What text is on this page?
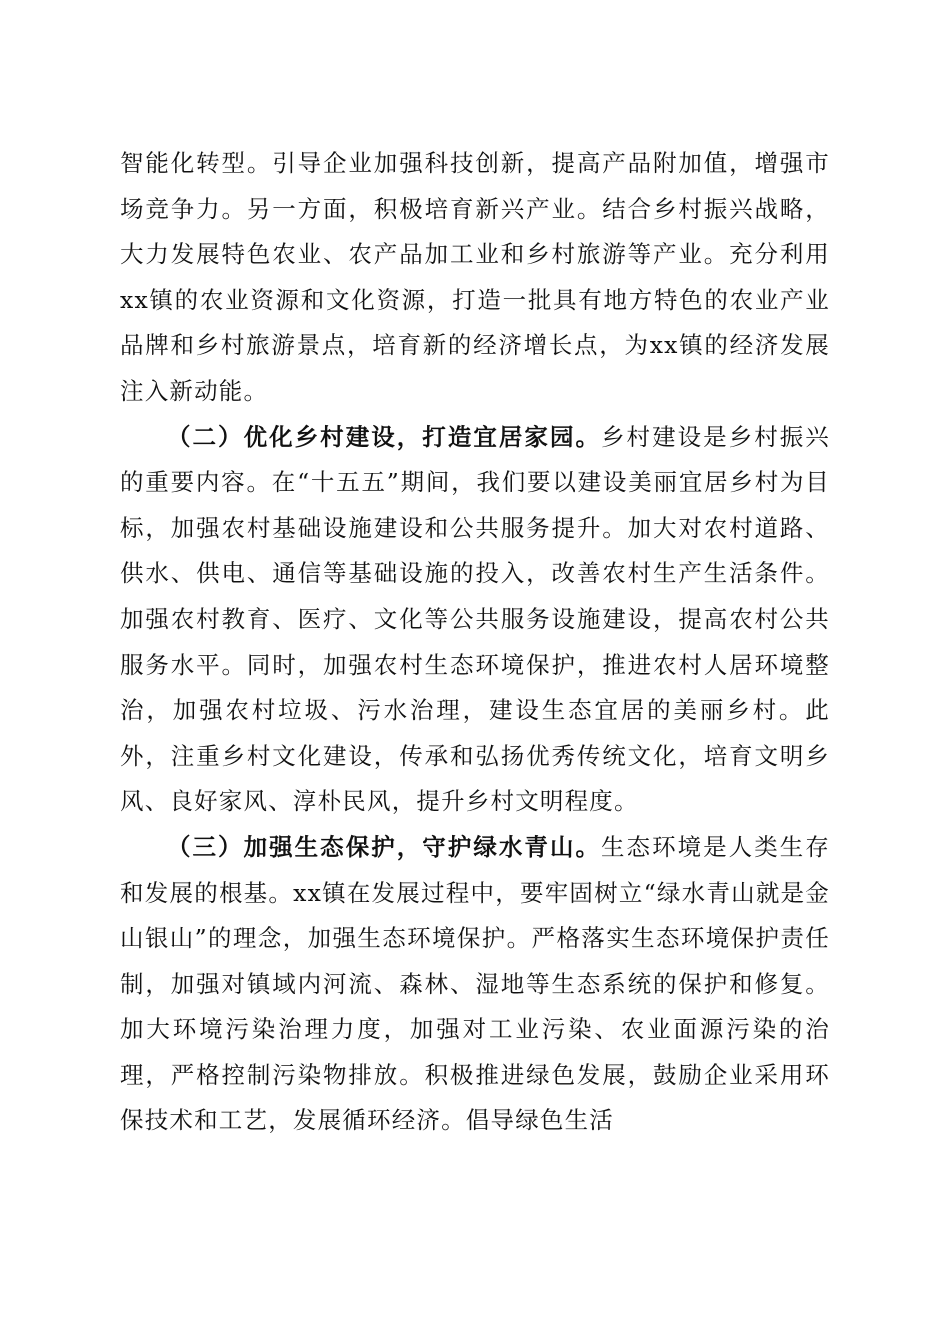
智能化转型。引导企业加强科技创新，提高产品附加值，增强市场竞争力。另一方面，积极培育新兴产业。结合乡村振兴战略，大力发展特色农业、农产品加工业和乡村旅游等产业。充分利用xx镇的农业资源和文化资源，打造一批具有地方特色的农业产业品牌和乡村旅游景点，培育新的经济增长点，为xx镇的经济发展注入新动能。

（二）优化乡村建设，打造宜居家园。乡村建设是乡村振兴的重要内容。在“十五五”期间，我们要以建设美丽宜居乡村为目标，加强农村基础设施建设和公共服务提升。加大对农村道路、供水、供电、通信等基础设施的投入，改善农村生产生活条件。加强农村教育、医疗、文化等公共服务设施建设，提高农村公共服务水平。同时，加强农村生态环境保护，推进农村人居环境整治，加强农村垃圾、污水治理，建设生态宜居的美丽乡村。此外，注重乡村文化建设，传承和弘扬优秀传统文化，培育文明乡风、良好家风、淳朴民风，提升乡村文明程度。

（三）加强生态保护，守护绿水青山。生态环境是人类生存和发展的根基。xx镇在发展过程中，要牢固树立“绿水青山就是金山银山”的理念，加强生态环境保护。严格落实生态环境保护责任制，加强对镇域内河流、森林、湿地等生态系统的保护和修复。加大环境污染治理力度，加强对工业污染、农业面源污染的治理，严格控制污染物排放。积极推进绿色发展，鼓励企业采用环保技术和工艺，发展循环经济。倡导绿色生活
